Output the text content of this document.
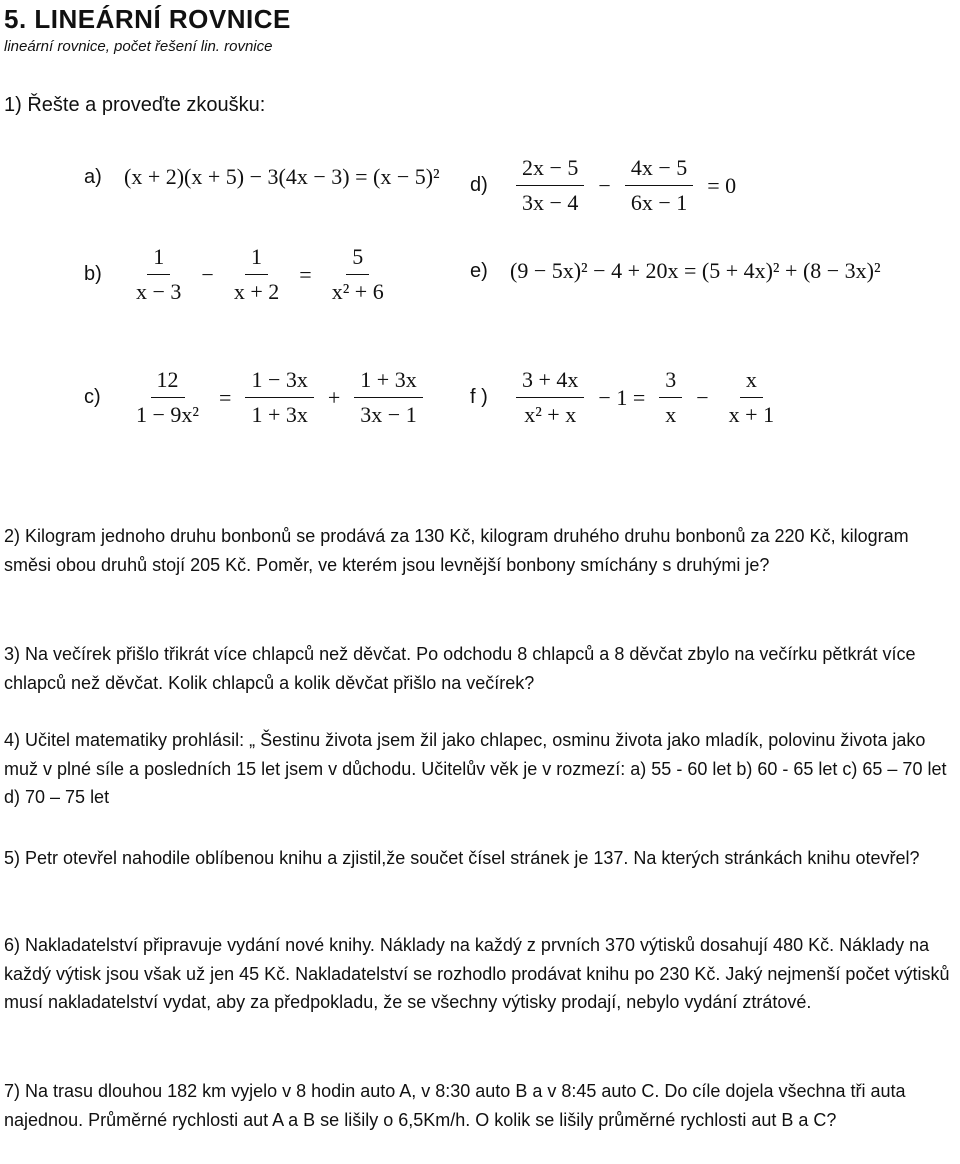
5. LINEÁRNÍ ROVNICE
lineární rovnice, počet řešení lin. rovnice
1) Řešte a proveďte zkoušku:
a)	(x + 2)(x + 5) − 3(4x − 3) = (x − 5)² d)	$\frac{2x - 5}{3x - 4} - \frac{4x - 5}{6x - 1} = 0$
b)	$\frac{1}{x - 3} - \frac{1}{x + 2} = \frac{5}{\text{x² + 6}}$	e)	(9 − 5x)² − 4 + 20x = (5 + 4x)² + (8 − 3x)²
c)	$\frac{12}{\text{1 − 9x²}} = \frac{1 - 3x}{1 + 3x} + \frac{1 + 3x}{3x - 1}$ f )	$\frac{3 + 4x}{\text{x² + x}} - 1 = \frac{3}{x} - \frac{x}{x + 1}$
2) Kilogram jednoho druhu bonbonů se prodává za 130 Kč, kilogram druhého druhu bonbonů za 220 Kč, kilogram směsi obou druhů stojí 205 Kč. Poměr, ve kterém jsou levnější bonbony smíchány s druhými je?
3) Na večírek přišlo třikrát více chlapců než děvčat. Po odchodu 8 chlapců a 8 děvčat zbylo na večírku pětkrát více chlapců než děvčat. Kolik chlapců a kolik děvčat přišlo na večírek?
4) Učitel matematiky prohlásil: „ Šestinu života jsem žil jako chlapec, osminu života jako mladík, polovinu života jako muž v plné síle a posledních 15 let jsem v důchodu. Učitelův věk je v rozmezí: a) 55 - 60 let b) 60 - 65 let c) 65 – 70 let d) 70 – 75 let
5) Petr otevřel nahodile oblíbenou knihu a zjistil,že součet čísel stránek je 137. Na kterých stránkách knihu otevřel?
6) Nakladatelství připravuje vydání nové knihy. Náklady na každý z prvních 370 výtisků dosahují 480 Kč. Náklady na každý výtisk jsou však už jen 45 Kč. Nakladatelství se rozhodlo prodávat knihu po 230 Kč. Jaký nejmenší počet výtisků musí nakladatelství vydat, aby za předpokladu, že se všechny výtisky prodají, nebylo vydání ztrátové.
7) Na trasu dlouhou 182 km vyjelo v 8 hodin auto A, v 8:30 auto B a v 8:45 auto C. Do cíle dojela všechna tři auta najednou. Průměrné rychlosti aut A a B se lišily o 6,5Km/h. O kolik se lišily průměrné rychlosti aut B a C?
